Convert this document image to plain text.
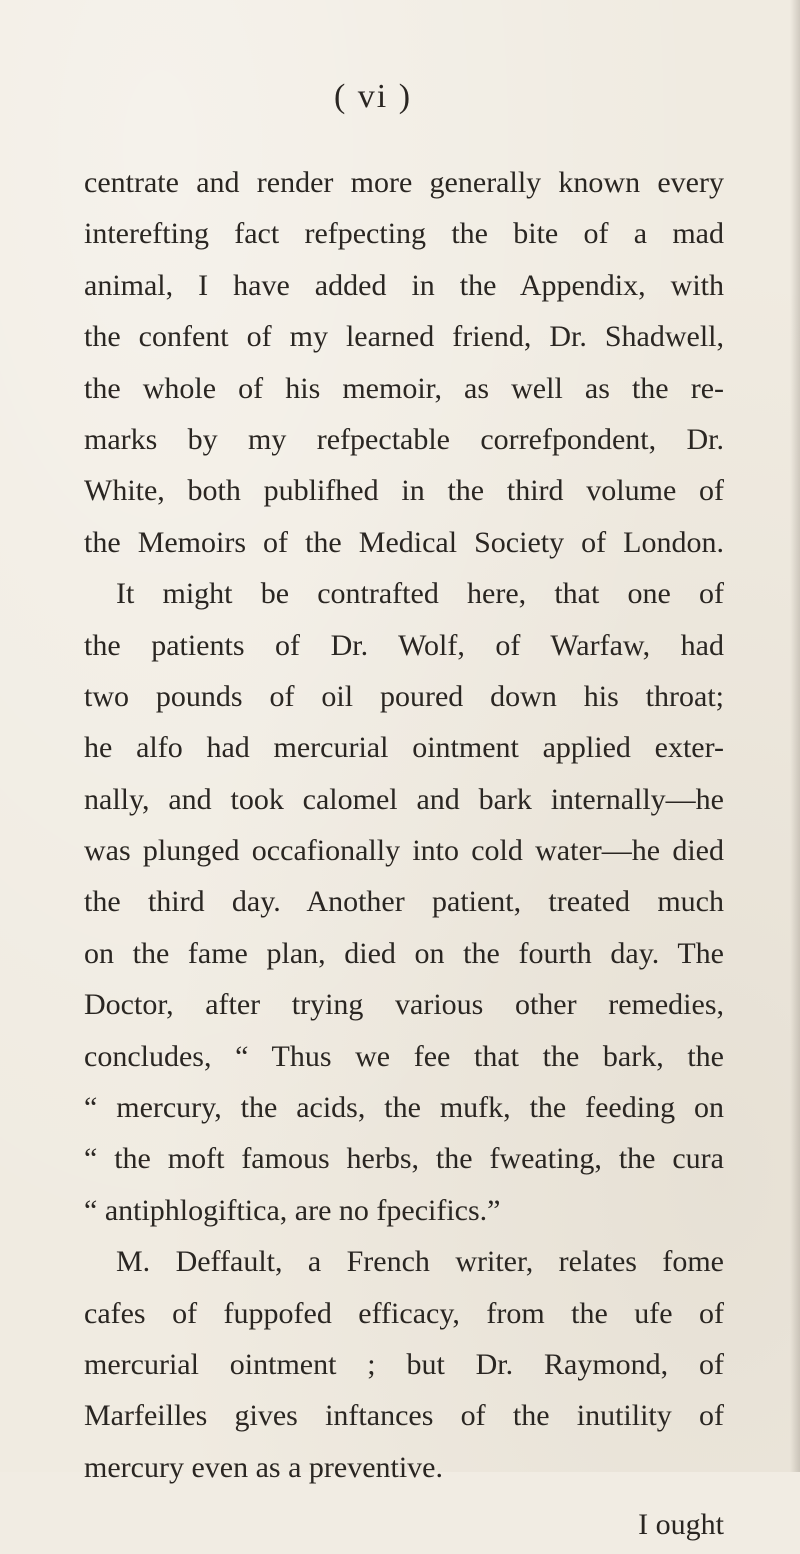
( vi )
centrate and render more generally known every
interefting fact refpecting the bite of a mad
animal, I have added in the Appendix, with
the confent of my learned friend, Dr. Shadwell,
the whole of his memoir, as well as the re-
marks by my refpectable correfpondent, Dr.
White, both publifhed in the third volume of
the Memoirs of the Medical Society of London.
It might be contrafted here, that one of
the patients of Dr. Wolf, of Warfaw, had
two pounds of oil poured down his throat;
he alfo had mercurial ointment applied exter-
nally, and took calomel and bark internally—he
was plunged occafionally into cold water—he died
the third day. Another patient, treated much
on the fame plan, died on the fourth day. The
Doctor, after trying various other remedies,
concludes, “ Thus we fee that the bark, the
“ mercury, the acids, the mufk, the feeding on
“ the moft famous herbs, the fweating, the cura
“ antiphlogiftica, are no fpecifics.”
M. Deffault, a French writer, relates fome
cafes of fuppofed efficacy, from the ufe of
mercurial ointment ; but Dr. Raymond, of
Marfeilles gives inftances of the inutility of
mercury even as a preventive.
I ought
